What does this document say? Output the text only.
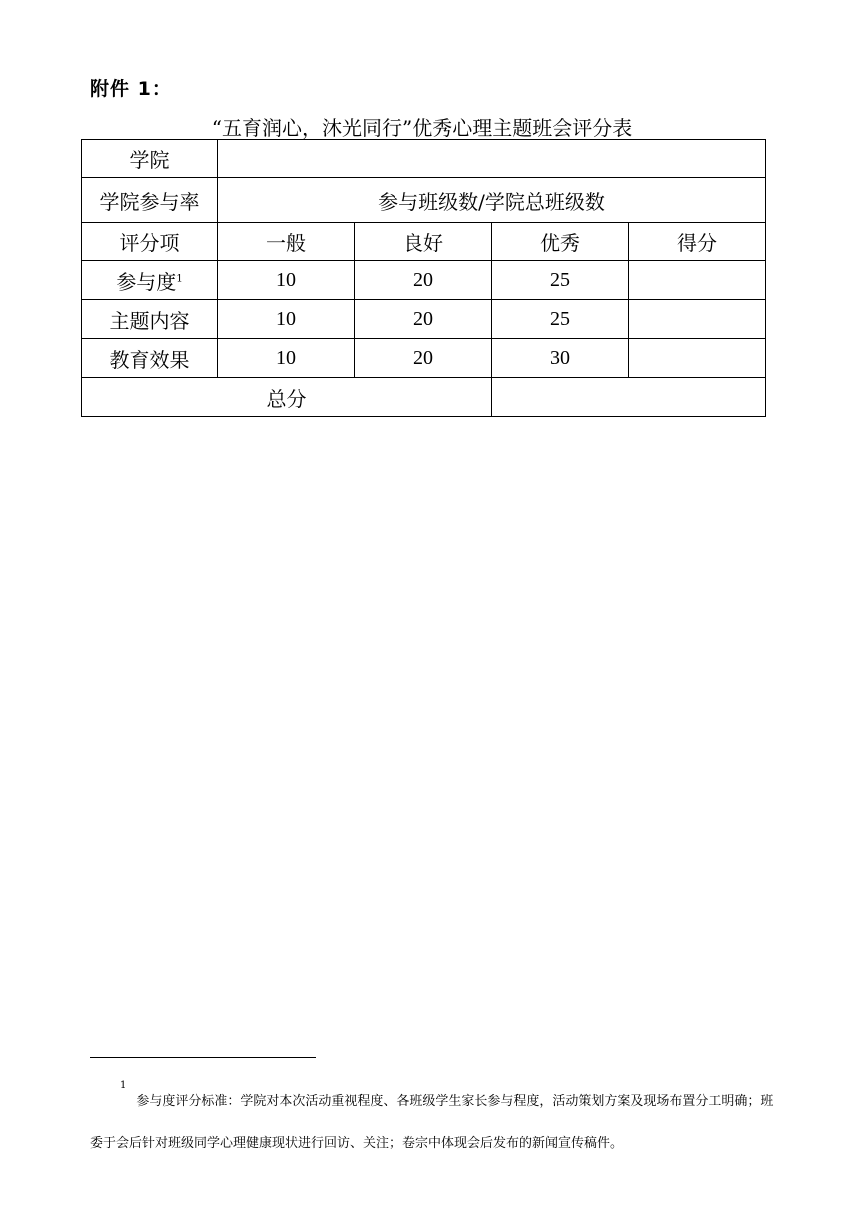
附件 1：
“五育润心，沐光同行”优秀心理主题班会评分表
学院				
学院参与率	参与班级数/学院总班级数			
评分项	一般	良好	优秀	得分
参与度$^1$	10	20	25	
主题内容	10	20	25	
教育效果	10	20	30	
总分				
$^1$参与度评分标准：学院对本次活动重视程度、各班级学生家长参与程度，活动策划方案及现场布置分工明确；班委于会后针对班级同学心理健康现状进行回访、关注；卷宗中体现会后发布的新闻宣传稿件。
